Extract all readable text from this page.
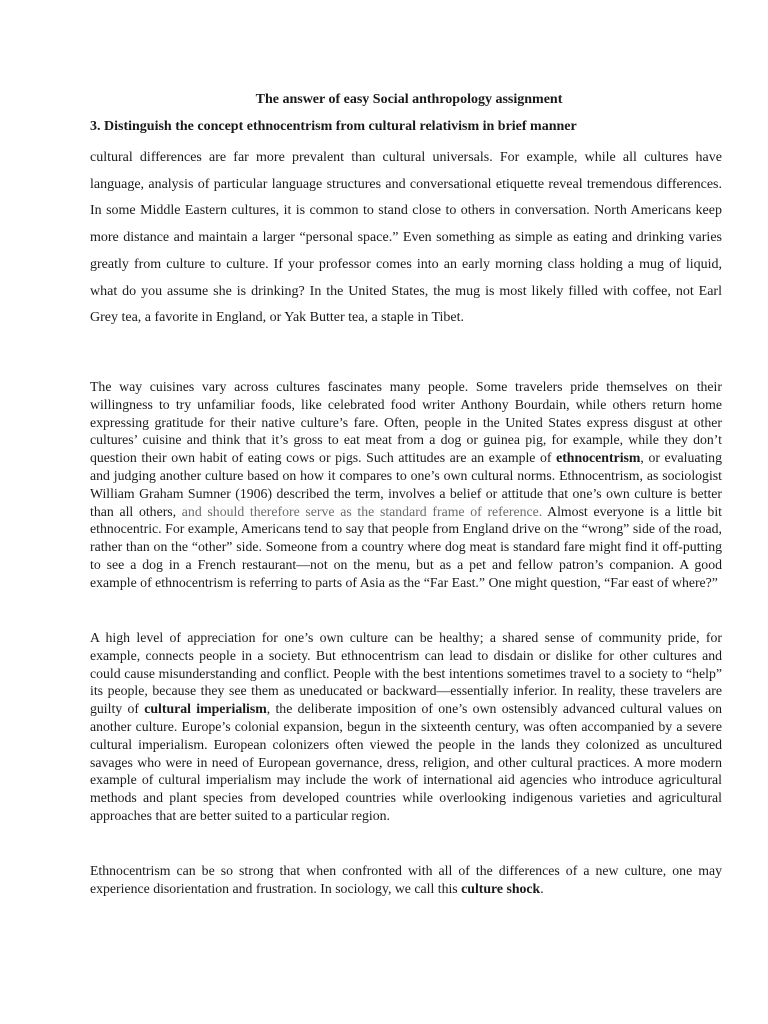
The answer of easy Social anthropology assignment
3. Distinguish the concept ethnocentrism from cultural relativism in brief manner

cultural differences are far more prevalent than cultural universals. For example, while all cultures have language, analysis of particular language structures and conversational etiquette reveal tremendous differences. In some Middle Eastern cultures, it is common to stand close to others in conversation. North Americans keep more distance and maintain a larger “personal space.” Even something as simple as eating and drinking varies greatly from culture to culture. If your professor comes into an early morning class holding a mug of liquid, what do you assume she is drinking? In the United States, the mug is most likely filled with coffee, not Earl Grey tea, a favorite in England, or Yak Butter tea, a staple in Tibet.

The way cuisines vary across cultures fascinates many people. Some travelers pride themselves on their willingness to try unfamiliar foods, like celebrated food writer Anthony Bourdain, while others return home expressing gratitude for their native culture’s fare. Often, people in the United States express disgust at other cultures’ cuisine and think that it’s gross to eat meat from a dog or guinea pig, for example, while they don’t question their own habit of eating cows or pigs. Such attitudes are an example of ethnocentrism, or evaluating and judging another culture based on how it compares to one’s own cultural norms. Ethnocentrism, as sociologist William Graham Sumner (1906) described the term, involves a belief or attitude that one’s own culture is better than all others, and should therefore serve as the standard frame of reference. Almost everyone is a little bit ethnocentric. For example, Americans tend to say that people from England drive on the “wrong” side of the road, rather than on the “other” side. Someone from a country where dog meat is standard fare might find it off-putting to see a dog in a French restaurant—not on the menu, but as a pet and fellow patron’s companion. A good example of ethnocentrism is referring to parts of Asia as the “Far East.” One might question, “Far east of where?”

A high level of appreciation for one’s own culture can be healthy; a shared sense of community pride, for example, connects people in a society. But ethnocentrism can lead to disdain or dislike for other cultures and could cause misunderstanding and conflict. People with the best intentions sometimes travel to a society to “help” its people, because they see them as uneducated or backward—essentially inferior. In reality, these travelers are guilty of cultural imperialism, the deliberate imposition of one’s own ostensibly advanced cultural values on another culture. Europe’s colonial expansion, begun in the sixteenth century, was often accompanied by a severe cultural imperialism. European colonizers often viewed the people in the lands they colonized as uncultured savages who were in need of European governance, dress, religion, and other cultural practices. A more modern example of cultural imperialism may include the work of international aid agencies who introduce agricultural methods and plant species from developed countries while overlooking indigenous varieties and agricultural approaches that are better suited to a particular region.

Ethnocentrism can be so strong that when confronted with all of the differences of a new culture, one may experience disorientation and frustration. In sociology, we call this culture shock.
